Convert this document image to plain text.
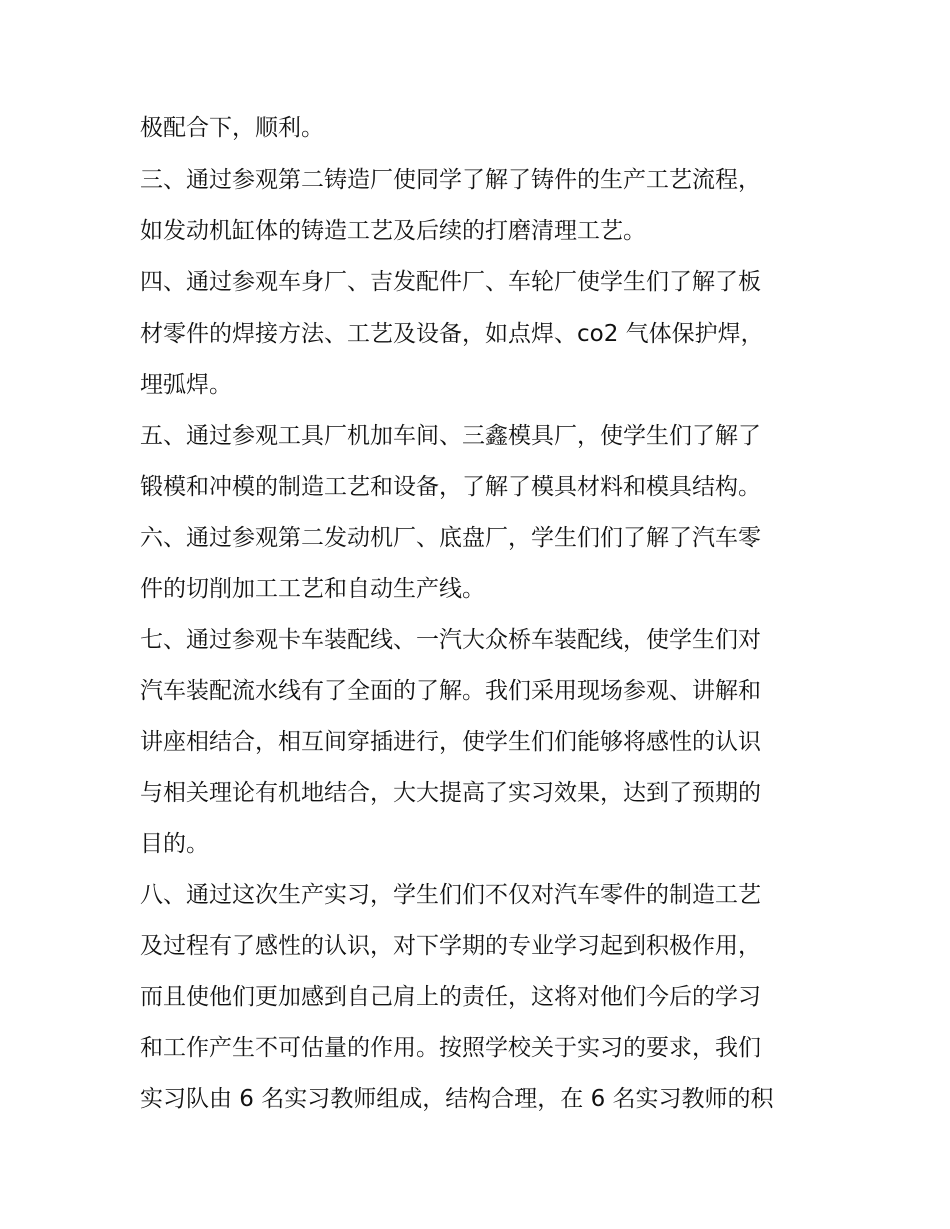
极配合下，顺利。
三、通过参观第二铸造厂使同学了解了铸件的生产工艺流程，
如发动机缸体的铸造工艺及后续的打磨清理工艺。
四、通过参观车身厂、吉发配件厂、车轮厂使学生们了解了板
材零件的焊接方法、工艺及设备，如点焊、co2 气体保护焊，
埋弧焊。
五、通过参观工具厂机加车间、三鑫模具厂，使学生们了解了
锻模和冲模的制造工艺和设备，了解了模具材料和模具结构。
六、通过参观第二发动机厂、底盘厂，学生们们了解了汽车零
件的切削加工工艺和自动生产线。
七、通过参观卡车装配线、一汽大众桥车装配线，使学生们对
汽车装配流水线有了全面的了解。我们采用现场参观、讲解和
讲座相结合，相互间穿插进行，使学生们们能够将感性的认识
与相关理论有机地结合，大大提高了实习效果，达到了预期的
目的。
八、通过这次生产实习，学生们们不仅对汽车零件的制造工艺
及过程有了感性的认识，对下学期的专业学习起到积极作用，
而且使他们更加感到自己肩上的责任，这将对他们今后的学习
和工作产生不可估量的作用。按照学校关于实习的要求，我们
实习队由 6 名实习教师组成，结构合理，在 6 名实习教师的积
